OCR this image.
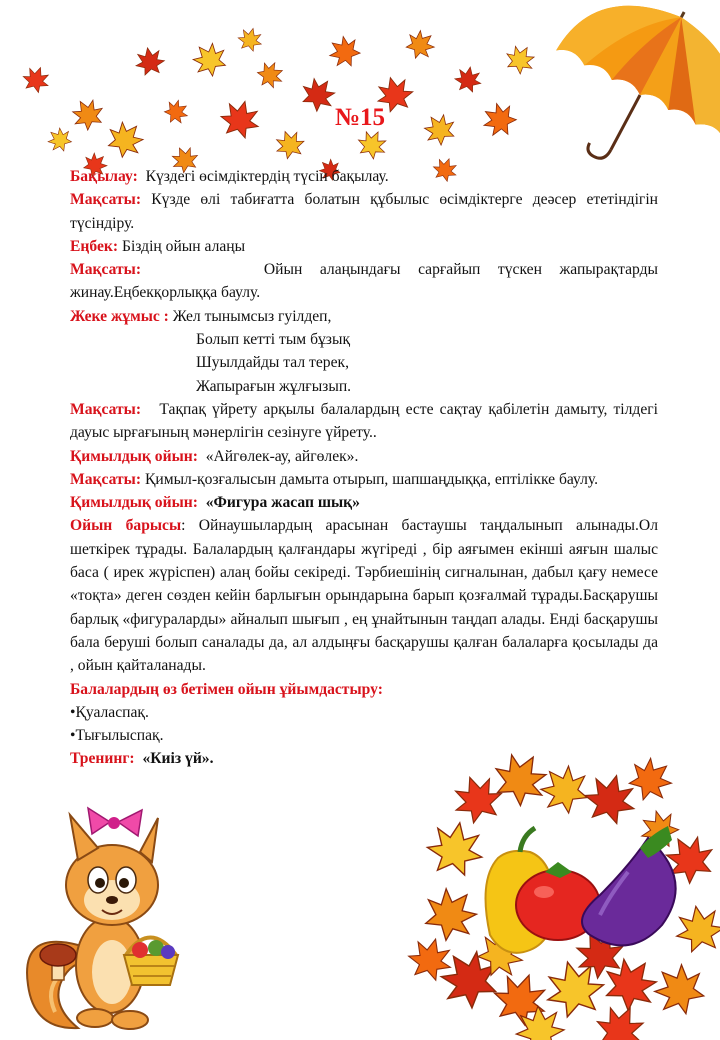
№15

Бақылау: Күздегі өсімдіктердің түсін бақылау.

Мақсаты: Күзде өлі табиғатта болатын құбылыс өсімдіктерге деәсер ететіндігін түсіндіру.

Еңбек: Біздің ойын алаңы

Мақсаты:	Ойын алаңындағы сарғайып түскен жапырақтарды жинау.Еңбекқорлыққа баулу.

Жеке жұмыс : Жел тынымсыз гуілдеп,

Болып кетті тым бұзық

Шуылдайды тал терек,

Жапырағын жұлғызып.

Мақсаты: Тақпақ үйрету арқылы балалардың есте сақтау қабілетін дамыту, тілдегі дауыс ырғағының мәнерлігін сезінуге үйрету..

Қимылдық ойын: «Айгөлек-ау, айгөлек».

Мақсаты: Қимыл-қозғалысын дамыта отырып, шапшаңдыққа, ептілікке баулу.

Қимылдық ойын: «Фигура жасап шық»

Ойын барысы: Ойнаушылардың арасынан бастаушы таңдалынып алынады.Ол шеткірек тұрады. Балалардың қалғандары жүгіреді , бір аяғымен екінші аяғын шалыс баса ( ирек жүріспен) алаң бойы секіреді. Тәрбиешінің сигналынан, дабыл қағу немесе «тоқта» деген сөзден кейін барлығын орындарына барып қозғалмай тұрады.Басқарушы барлық «фигураларды» айналып шығып , ең ұнайтынын таңдап алады. Енді басқарушы бала беруші болып саналады да, ал алдыңғы басқарушы қалған балаларға қосылады да , ойын қайталанады.

Балалардың өз бетімен ойын ұйымдастыру:

•Қуаласпақ.

•Тығылыспақ.

Тренинг: «Киіз үй».
